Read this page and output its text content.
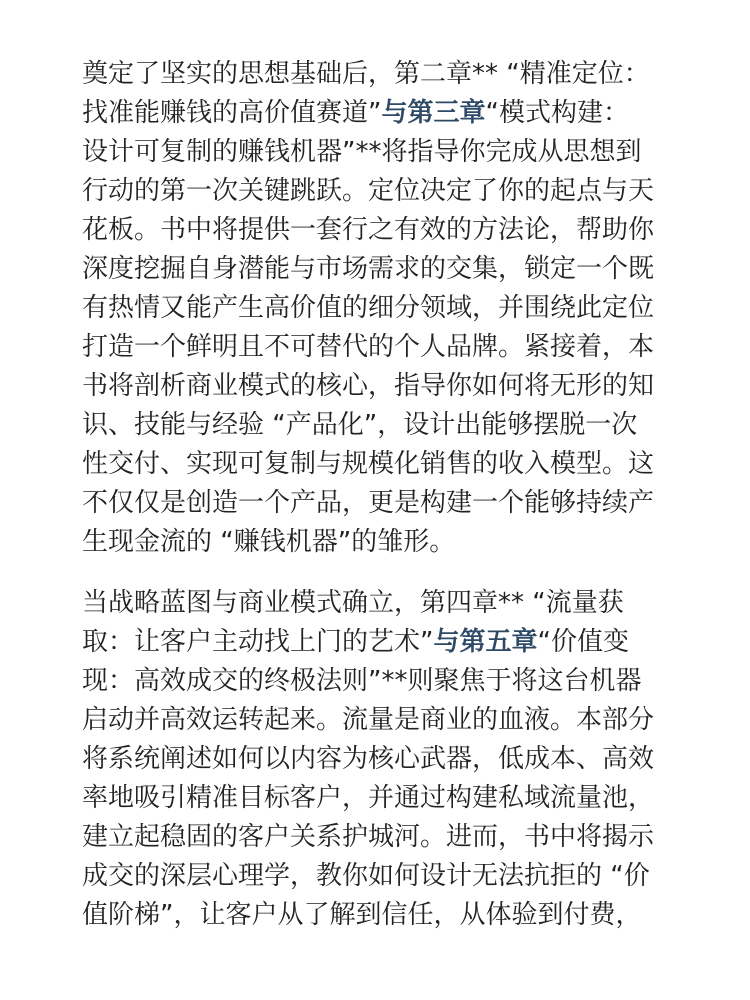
奠定了坚实的思想基础后，第二章** “精准定位：
找准能赚钱的高价值赛道”与第三章“模式构建：
设计可复制的赚钱机器”**将指导你完成从思想到
行动的第一次关键跳跃。定位决定了你的起点与天
花板。书中将提供一套行之有效的方法论，帮助你
深度挖掘自身潜能与市场需求的交集，锁定一个既
有热情又能产生高价值的细分领域，并围绕此定位
打造一个鲜明且不可替代的个人品牌。紧接着，本
书将剖析商业模式的核心，指导你如何将无形的知
识、技能与经验 “产品化”，设计出能够摆脱一次
性交付、实现可复制与规模化销售的收入模型。这
不仅仅是创造一个产品，更是构建一个能够持续产
生现金流的 “赚钱机器”的雏形。

当战略蓝图与商业模式确立，第四章** “流量获
取：让客户主动找上门的艺术”与第五章“价值变
现：高效成交的终极法则”**则聚焦于将这台机器
启动并高效运转起来。流量是商业的血液。本部分
将系统阐述如何以内容为核心武器，低成本、高效
率地吸引精准目标客户，并通过构建私域流量池，
建立起稳固的客户关系护城河。进而，书中将揭示
成交的深层心理学，教你如何设计无法抗拒的 “价
值阶梯”，让客户从了解到信任，从体验到付费，
